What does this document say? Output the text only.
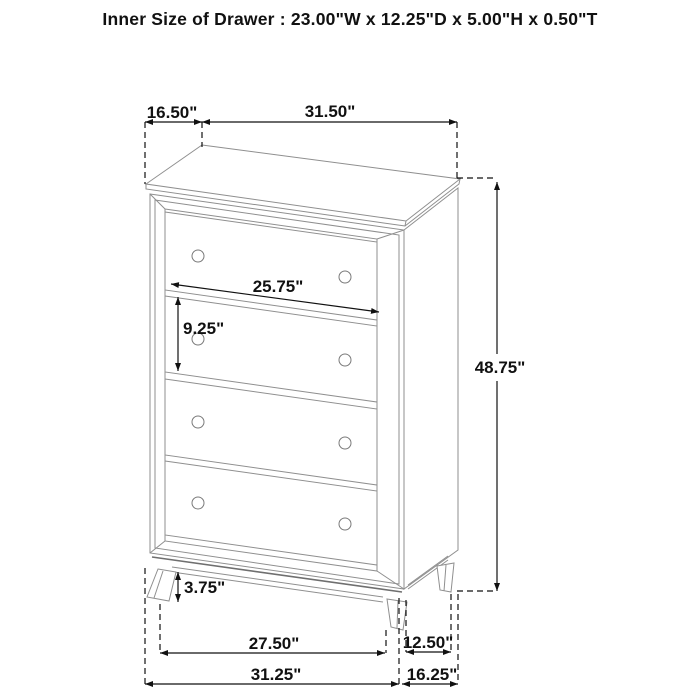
Inner Size of Drawer : 23.00"W x 12.25"D x 5.00"H x 0.50"T
16.50"	31.50"
48.75"
25.75"
9.25"
3.75"
27.50"
31.25"
12.50"
16.25"
